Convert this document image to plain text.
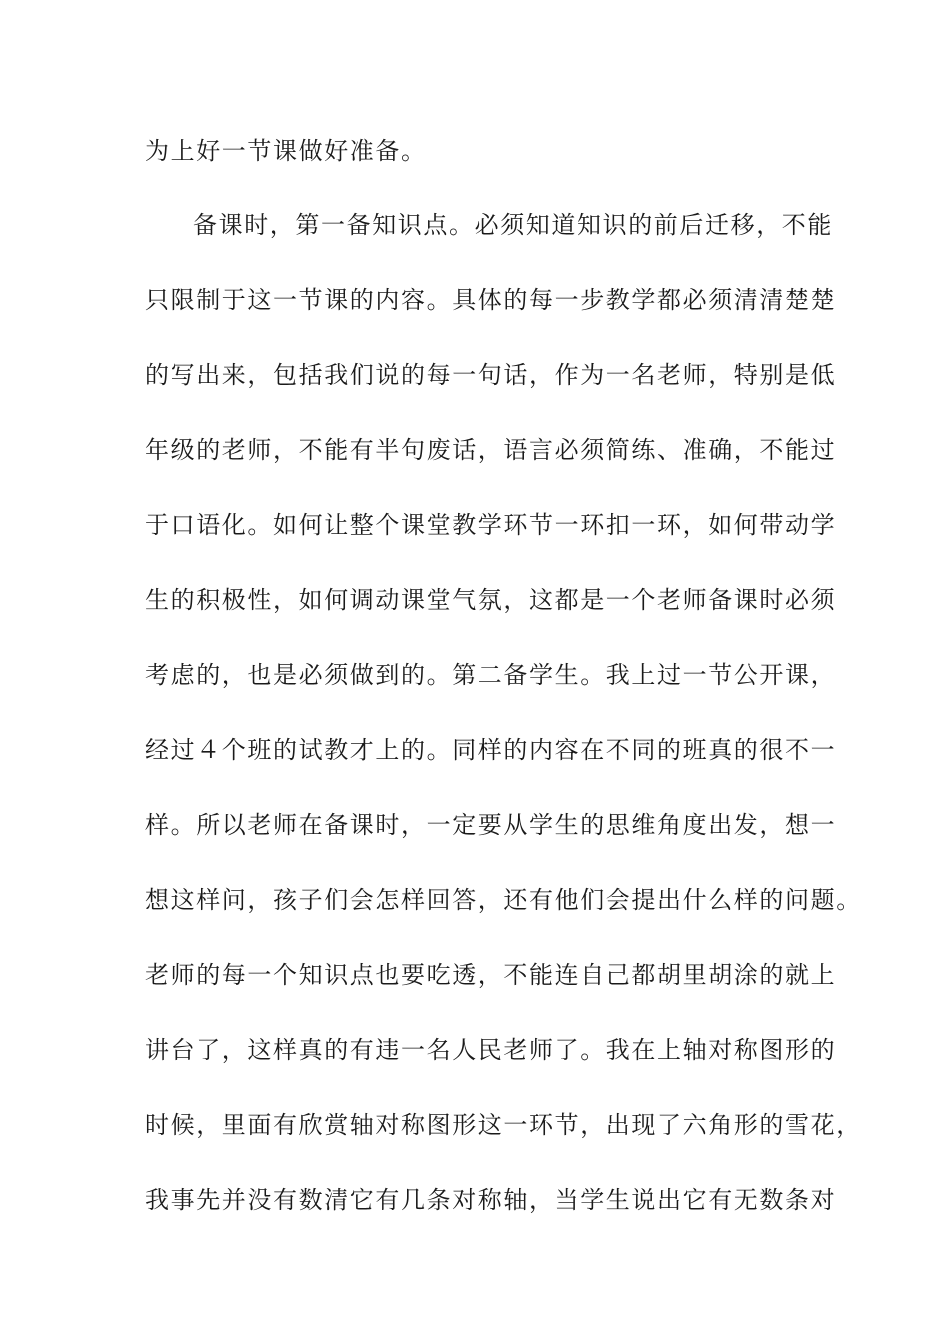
为上好一节课做好准备。
备课时，第一备知识点。必须知道知识的前后迁移，不能
只限制于这一节课的内容。具体的每一步教学都必须清清楚楚
的写出来，包括我们说的每一句话，作为一名老师，特别是低
年级的老师，不能有半句废话，语言必须简练、准确，不能过
于口语化。如何让整个课堂教学环节一环扣一环，如何带动学
生的积极性，如何调动课堂气氛，这都是一个老师备课时必须
考虑的，也是必须做到的。第二备学生。我上过一节公开课，
经过４个班的试教才上的。同样的内容在不同的班真的很不一
样。所以老师在备课时，一定要从学生的思维角度出发，想一
想这样问，孩子们会怎样回答，还有他们会提出什么样的问题。
老师的每一个知识点也要吃透，不能连自己都胡里胡涂的就上
讲台了，这样真的有违一名人民老师了。我在上轴对称图形的
时候，里面有欣赏轴对称图形这一环节，出现了六角形的雪花，
我事先并没有数清它有几条对称轴，当学生说出它有无数条对
